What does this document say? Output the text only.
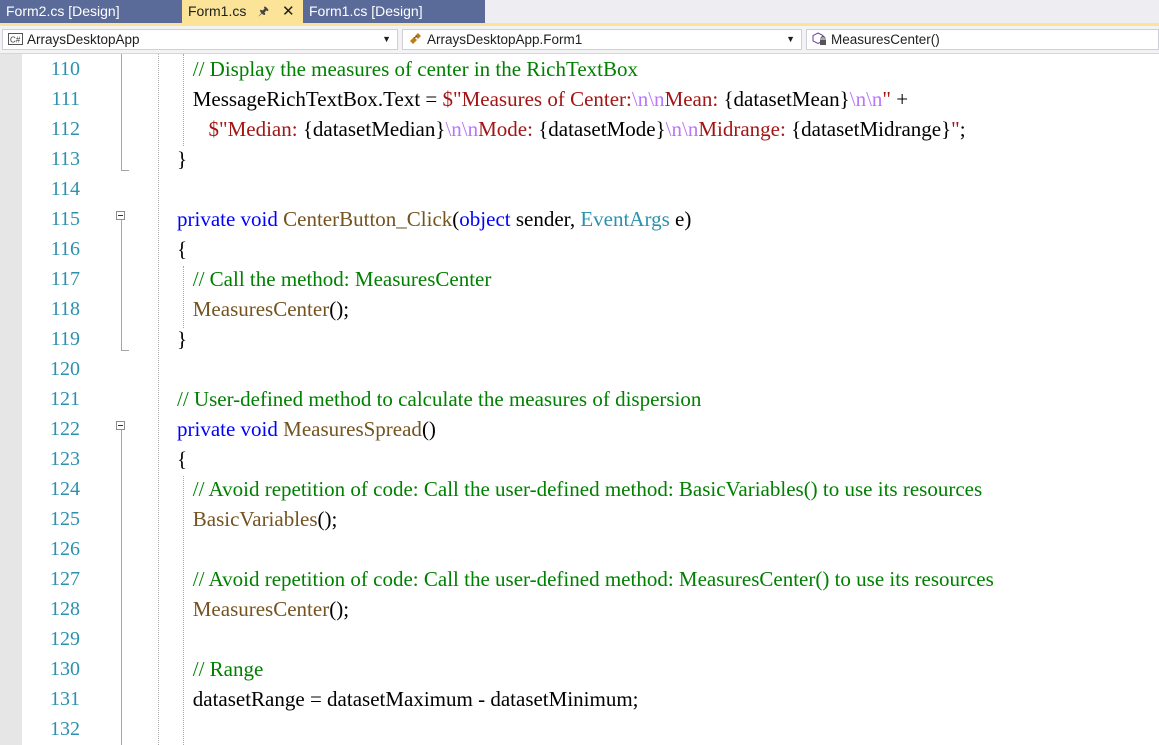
Form2.cs [Design]	Form1.cs 🖈 ✕	Form1.cs [Design]
C# ArraysDesktopApp	▼	ArraysDesktopApp.Form1	▼	MeasuresCenter()
110	// Display the measures of center in the RichTextBox
111	MessageRichTextBox.Text = $"Measures of Center:\n\nMean: {datasetMean}\n\n" +
112	$"Median: {datasetMedian}\n\nMode: {datasetMode}\n\nMidrange: {datasetMidrange}";
113	}
114
115	private void CenterButton_Click(object sender, EventArgs e)
116	{
117	// Call the method: MeasuresCenter
118	MeasuresCenter();
119	}
120
121	// User-defined method to calculate the measures of dispersion
122	private void MeasuresSpread()
123	{
124	// Avoid repetition of code: Call the user-defined method: BasicVariables() to use its resources
125	BasicVariables();
126
127	// Avoid repetition of code: Call the user-defined method: MeasuresCenter() to use its resources
128	MeasuresCenter();
129
130	// Range
131	datasetRange = datasetMaximum - datasetMinimum;
132
